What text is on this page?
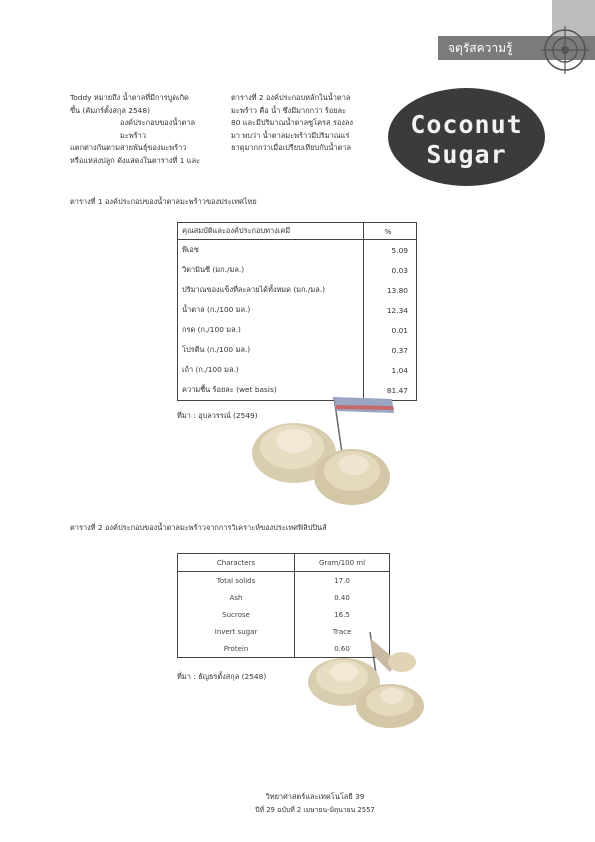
จตุรัสความรู้

Toddy หมายถึง น้ำตาลที่มีการบูดเกิด

ขึ้น (คัมภร์ตั้งสกุล 2548)

องค์ประกอบของน้ำตาลมะพร้าว

แตกต่างกันตามสายพันธุ์ของมะพร้าว

หรือแหล่งปลูก ดังแสดงในตารางที่ 1 และ

ตารางที่ 2 องค์ประกอบหลักในน้ำตาล

มะพร้าว คือ น้ำ ซึ่งมีมากกว่า ร้อยละ

80 และมีปริมาณน้ำตาลซูโครส รองลง

มา พบว่า น้ำตาลมะพร้าวมีปริมาณแร่

ธาตุมากกว่าเมื่อเปรียบเทียบกับน้ำตาล

Coconut
Sugar
ตารางที่ 1 องค์ประกอบของน้ำตาลมะพร้าวของประเทศไทย
คุณสมบัติและองค์ประกอบทางเคมี	%
พีเอช	5.09
วิตามินซี (มก./มล.)	0.03
ปริมาณของแข็งที่ละลายได้ทั้งหมด (มก./มล.)	13.80
น้ำตาล (ก./100 มล.)	12.34
กรด (ก./100 มล.)	0.01
โปรตีน (ก./100 มล.)	0.37
เถ้า (ก./100 มล.)	1.04
ความชื้น ร้อยละ (wet basis)	81.47
ที่มา : อุบลวรรณ์ (2549)
ตารางที่ 2 องค์ประกอบของน้ำตาลมะพร้าวจากการวิเคราะห์ของประเทศฟิลิปปินส์
Characters	Gram/100 ml
Total solids	17.0
Ash	0.40
Sucrose	16.5
Invert sugar	Trace
Protein	0.60
ที่มา : ธัญธรตั้งสกุล (2548)
วิทยาศาสตร์และเทคโนโลยี 39
ปีที่ 29 ฉบับที่ 2 เมษายน-มิถุนายน 2557
